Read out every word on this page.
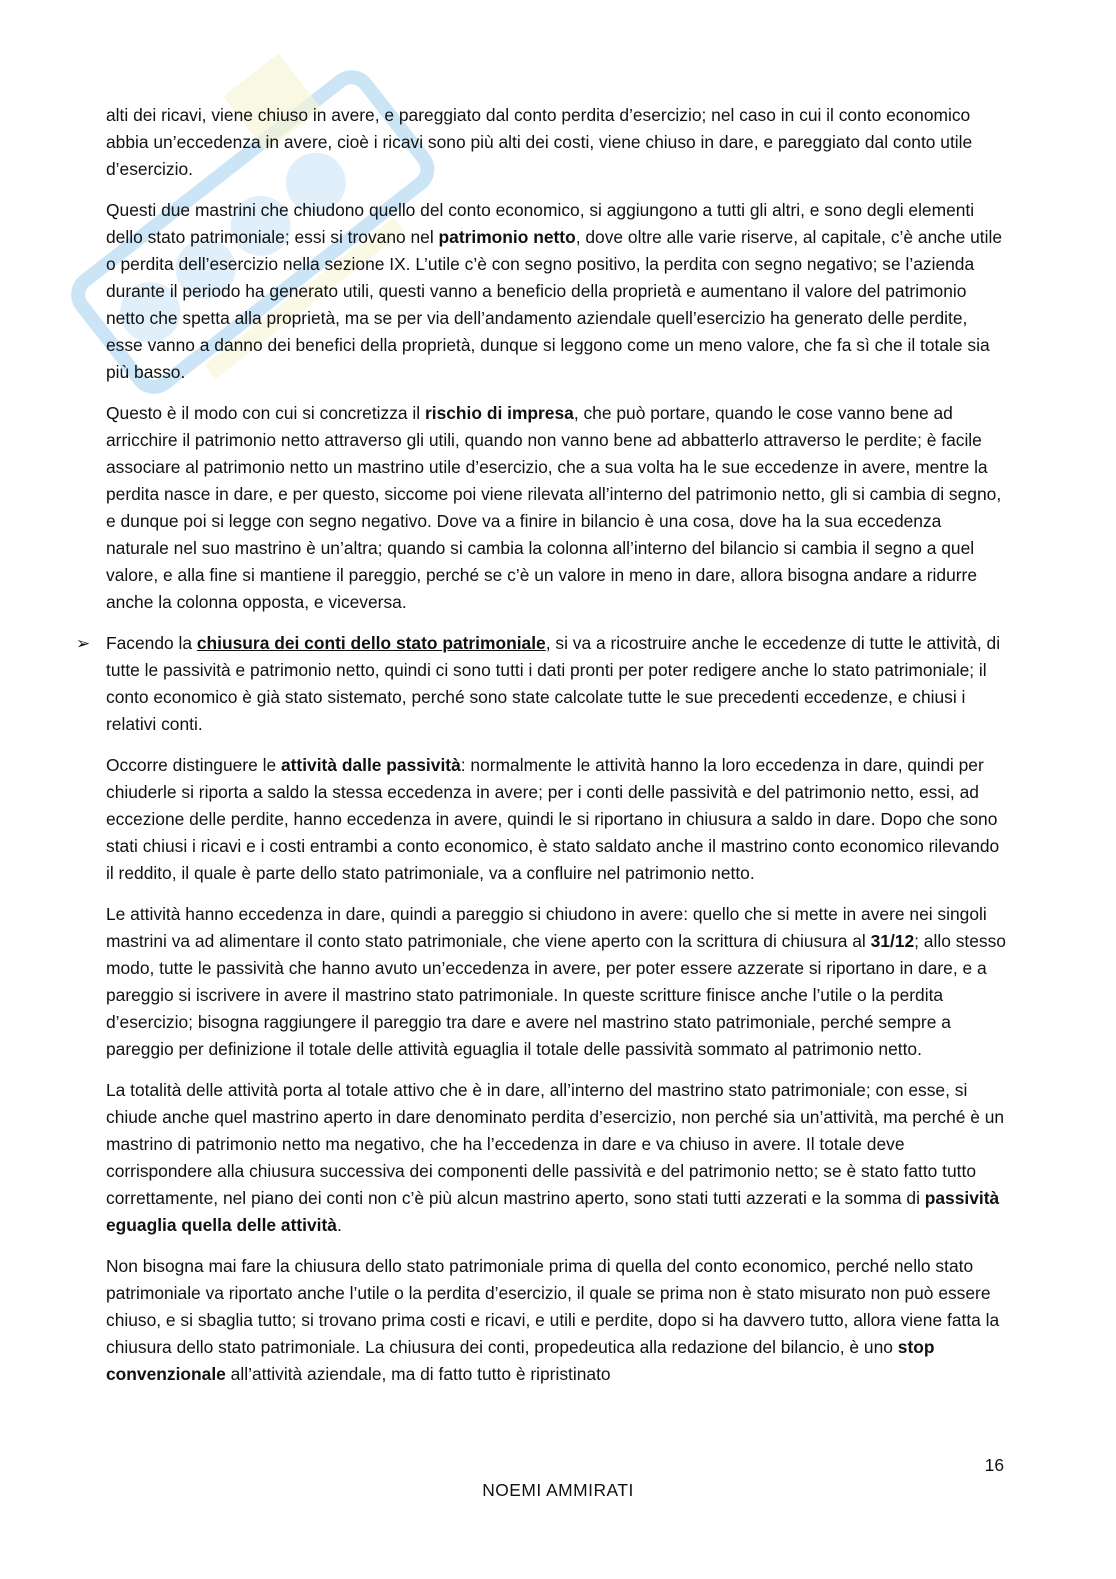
alti dei ricavi, viene chiuso in avere, e pareggiato dal conto perdita d’esercizio; nel caso in cui il conto economico abbia un’eccedenza in avere, cioè i ricavi sono più alti dei costi, viene chiuso in dare, e pareggiato dal conto utile d’esercizio.

Questi due mastrini che chiudono quello del conto economico, si aggiungono a tutti gli altri, e sono degli elementi dello stato patrimoniale; essi si trovano nel patrimonio netto, dove oltre alle varie riserve, al capitale, c’è anche utile o perdita dell’esercizio nella sezione IX. L’utile c’è con segno positivo, la perdita con segno negativo; se l’azienda durante il periodo ha generato utili, questi vanno a beneficio della proprietà e aumentano il valore del patrimonio netto che spetta alla proprietà, ma se per via dell’andamento aziendale quell’esercizio ha generato delle perdite, esse vanno a danno dei benefici della proprietà, dunque si leggono come un meno valore, che fa sì che il totale sia più basso.

Questo è il modo con cui si concretizza il rischio di impresa, che può portare, quando le cose vanno bene ad arricchire il patrimonio netto attraverso gli utili, quando non vanno bene ad abbatterlo attraverso le perdite; è facile associare al patrimonio netto un mastrino utile d’esercizio, che a sua volta ha le sue eccedenze in avere, mentre la perdita nasce in dare, e per questo, siccome poi viene rilevata all’interno del patrimonio netto, gli si cambia di segno, e dunque poi si legge con segno negativo. Dove va a finire in bilancio è una cosa, dove ha la sua eccedenza naturale nel suo mastrino è un’altra; quando si cambia la colonna all’interno del bilancio si cambia il segno a quel valore, e alla fine si mantiene il pareggio, perché se c’è un valore in meno in dare, allora bisogna andare a ridurre anche la colonna opposta, e viceversa.

➢ Facendo la chiusura dei conti dello stato patrimoniale, si va a ricostruire anche le eccedenze di tutte le attività, di tutte le passività e patrimonio netto, quindi ci sono tutti i dati pronti per poter redigere anche lo stato patrimoniale; il conto economico è già stato sistemato, perché sono state calcolate tutte le sue precedenti eccedenze, e chiusi i relativi conti.

Occorre distinguere le attività dalle passività: normalmente le attività hanno la loro eccedenza in dare, quindi per chiuderle si riporta a saldo la stessa eccedenza in avere; per i conti delle passività e del patrimonio netto, essi, ad eccezione delle perdite, hanno eccedenza in avere, quindi le si riportano in chiusura a saldo in dare. Dopo che sono stati chiusi i ricavi e i costi entrambi a conto economico, è stato saldato anche il mastrino conto economico rilevando il reddito, il quale è parte dello stato patrimoniale, va a confluire nel patrimonio netto.

Le attività hanno eccedenza in dare, quindi a pareggio si chiudono in avere: quello che si mette in avere nei singoli mastrini va ad alimentare il conto stato patrimoniale, che viene aperto con la scrittura di chiusura al 31/12; allo stesso modo, tutte le passività che hanno avuto un’eccedenza in avere, per poter essere azzerate si riportano in dare, e a pareggio si iscrivere in avere il mastrino stato patrimoniale. In queste scritture finisce anche l’utile o la perdita d’esercizio; bisogna raggiungere il pareggio tra dare e avere nel mastrino stato patrimoniale, perché sempre a pareggio per definizione il totale delle attività eguaglia il totale delle passività sommato al patrimonio netto.

La totalità delle attività porta al totale attivo che è in dare, all’interno del mastrino stato patrimoniale; con esse, si chiude anche quel mastrino aperto in dare denominato perdita d’esercizio, non perché sia un’attività, ma perché è un mastrino di patrimonio netto ma negativo, che ha l’eccedenza in dare e va chiuso in avere. Il totale deve corrispondere alla chiusura successiva dei componenti delle passività e del patrimonio netto; se è stato fatto tutto correttamente, nel piano dei conti non c’è più alcun mastrino aperto, sono stati tutti azzerati e la somma di passività eguaglia quella delle attività.

Non bisogna mai fare la chiusura dello stato patrimoniale prima di quella del conto economico, perché nello stato patrimoniale va riportato anche l’utile o la perdita d’esercizio, il quale se prima non è stato misurato non può essere chiuso, e si sbaglia tutto; si trovano prima costi e ricavi, e utili e perdite, dopo si ha davvero tutto, allora viene fatta la chiusura dello stato patrimoniale. La chiusura dei conti, propedeutica alla redazione del bilancio, è uno stop convenzionale all’attività aziendale, ma di fatto tutto è ripristinato

16
NOEMI AMMIRATI
